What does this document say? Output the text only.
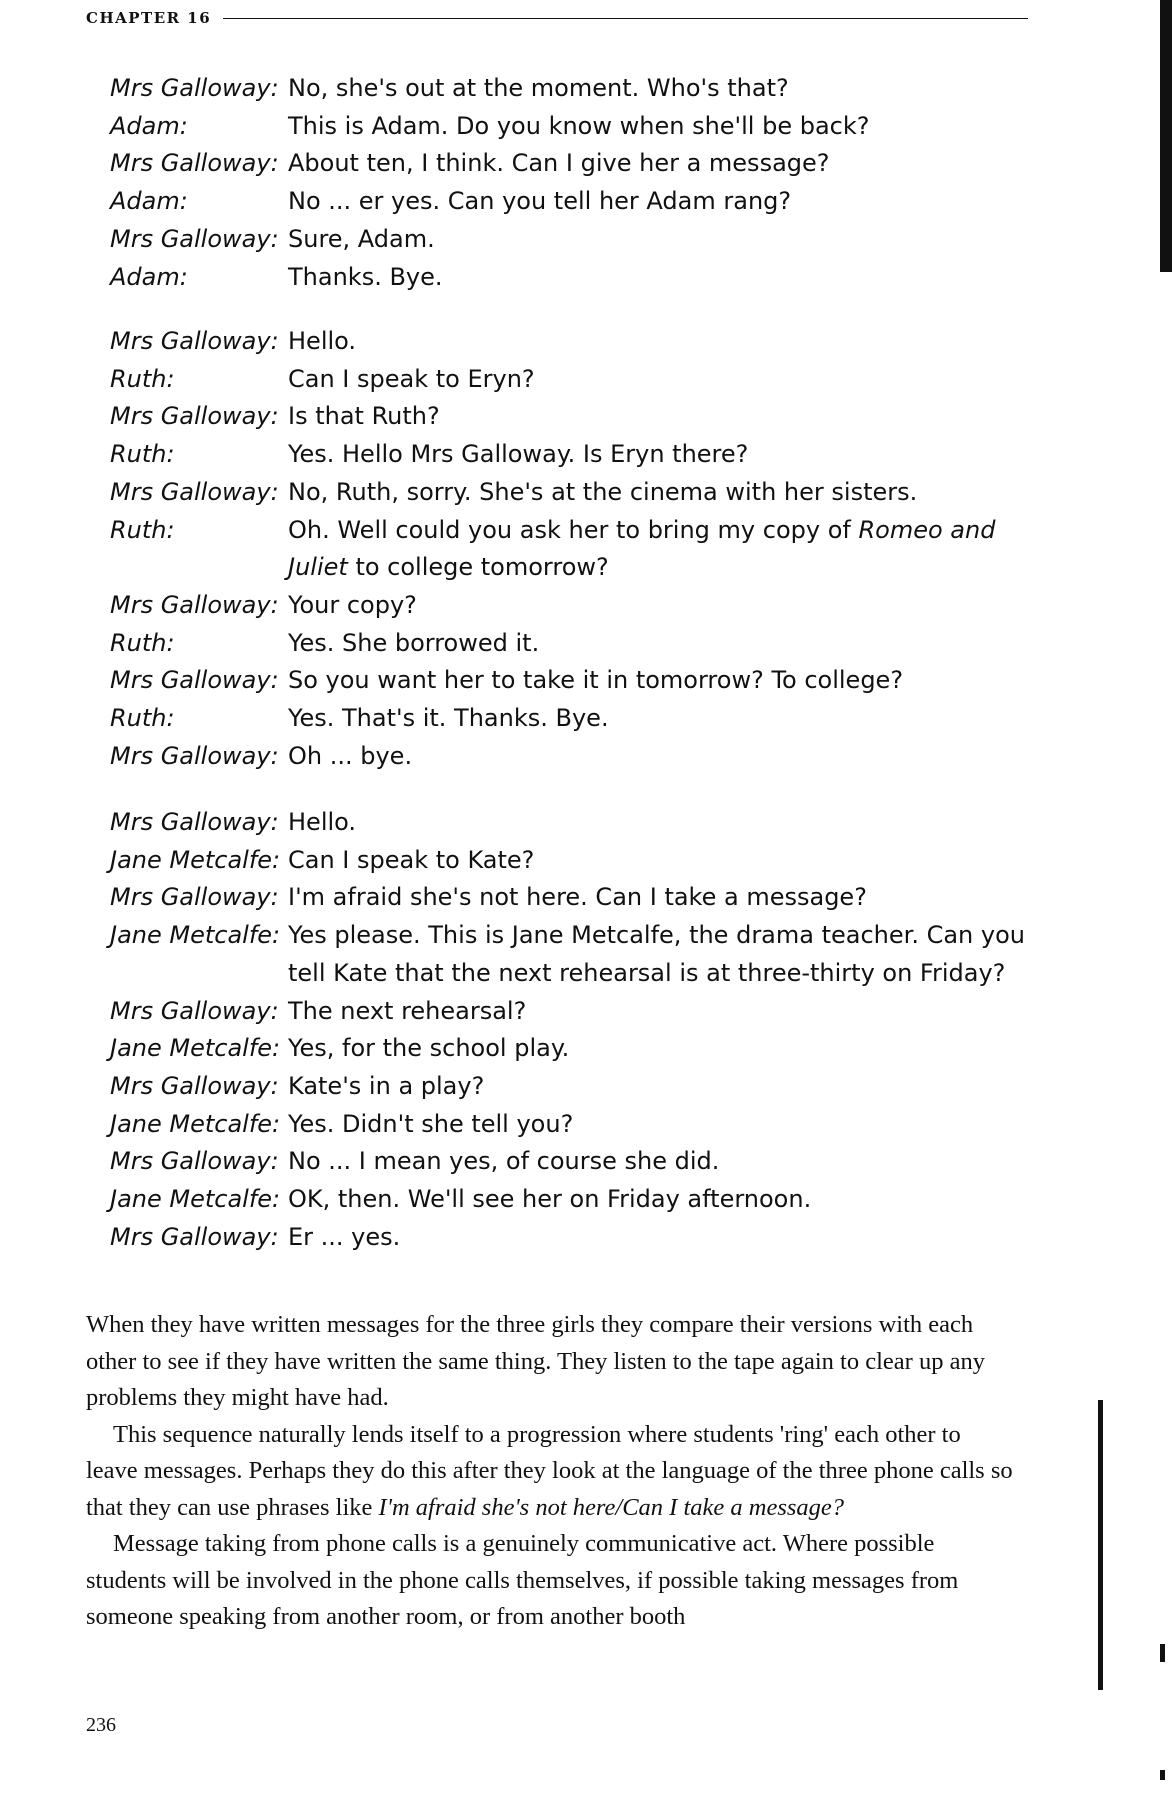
CHAPTER 16
Mrs Galloway: No, she's out at the moment. Who's that?
Adam:	This is Adam. Do you know when she'll be back?
Mrs Galloway: About ten, I think. Can I give her a message?
Adam:	No ... er yes. Can you tell her Adam rang?
Mrs Galloway: Sure, Adam.
Adam:	Thanks. Bye.
Mrs Galloway: Hello.
Ruth:	Can I speak to Eryn?
Mrs Galloway: Is that Ruth?
Ruth:	Yes. Hello Mrs Galloway. Is Eryn there?
Mrs Galloway: No, Ruth, sorry. She's at the cinema with her sisters.
Ruth:	Oh. Well could you ask her to bring my copy of Romeo and Juliet to college tomorrow?
Mrs Galloway: Your copy?
Ruth:	Yes. She borrowed it.
Mrs Galloway: So you want her to take it in tomorrow? To college?
Ruth:	Yes. That's it. Thanks. Bye.
Mrs Galloway: Oh ... bye.
Mrs Galloway: Hello.
Jane Metcalfe: Can I speak to Kate?
Mrs Galloway: I'm afraid she's not here. Can I take a message?
Jane Metcalfe: Yes please. This is Jane Metcalfe, the drama teacher. Can you tell Kate that the next rehearsal is at three-thirty on Friday?
Mrs Galloway: The next rehearsal?
Jane Metcalfe: Yes, for the school play.
Mrs Galloway: Kate's in a play?
Jane Metcalfe: Yes. Didn't she tell you?
Mrs Galloway: No ... I mean yes, of course she did.
Jane Metcalfe: OK, then. We'll see her on Friday afternoon.
Mrs Galloway: Er ... yes.

When they have written messages for the three girls they compare their versions with each other to see if they have written the same thing. They listen to the tape again to clear up any problems they might have had.

This sequence naturally lends itself to a progression where students 'ring' each other to leave messages. Perhaps they do this after they look at the language of the three phone calls so that they can use phrases like I'm afraid she's not here/Can I take a message?

Message taking from phone calls is a genuinely communicative act. Where possible students will be involved in the phone calls themselves, if possible taking messages from someone speaking from another room, or from another booth

236
